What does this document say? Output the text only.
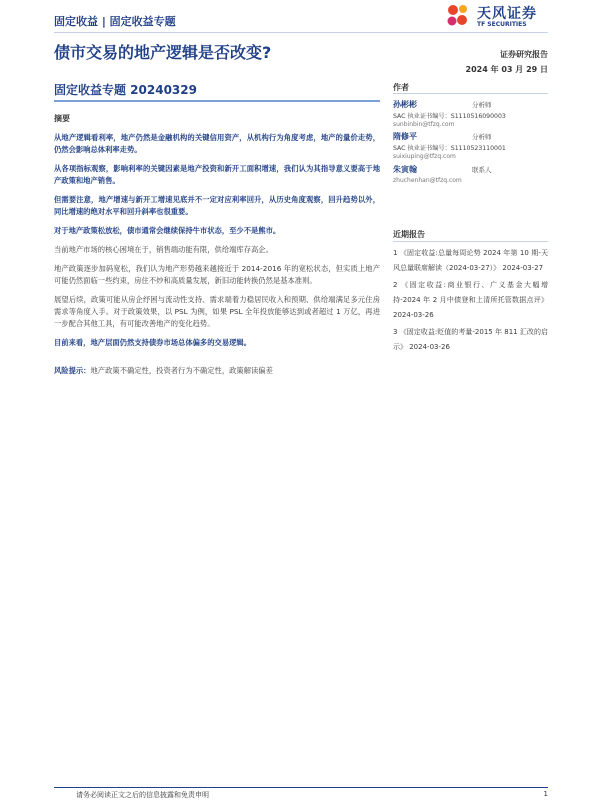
固定收益 | 固定收益专题	天风证券
TF SECURITIES
债市交易的地产逻辑是否改变?	证券研究报告
2024 年 03 月 29 日
固定收益专题 20240329
摘要

从地产逻辑看利率，地产仍然是金融机构的关键信用资产，从机构行为角度考虑，地产的量价走势，仍然会影响总体利率走势。

从各项指标观察，影响利率的关键因素是地产投资和新开工面积增速，我们认为其指导意义要高于地产政策和地产销售。

但需要注意，地产增速与新开工增速见底并不一定对应利率回升，从历史角度观察，回升趋势以外，同比增速的绝对水平和回升斜率也很重要。

对于地产政策松放松，债市通常会继续保持牛市状态，至少不是熊市。

当前地产市场的核心困境在于，销售端动能有限，供给端库存高企。

地产政策逐步加码宽松，我们认为地产形势越来越接近于 2014-2016 年的宽松状态，但实质上地产可能仍然面临一些约束，房住不炒和高质量发展，新旧动能转换仍然是基本准则。

展望后续，政策可能从房企纾困与流动性支持、需求端着力稳居民收入和预期、供给端满足多元住房需求等角度入手。对于政策效果，以 PSL 为例，如果 PSL 全年投放能够达到或者超过 1 万亿，再进一步配合其他工具，有可能改善地产的变化趋势。

目前来看，地产层面仍然支持债券市场总体偏多的交易逻辑。

风险提示：地产政策不确定性，投资者行为不确定性，政策解读偏差
作者
孙彬彬	分析师
SAC 执业证书编号：S1110516090003
sunbinbin@tfzq.com
隋修平	分析师
SAC 执业证书编号：S1110523110001
suixiuping@tfzq.com
朱寅翰	联系人
zhuchenhan@tfzq.com
近期报告
1 《固定收益:总量每周论势 2024 年第 10 期-天风总量联席解读（2024-03-27）》 2024-03-27
2 《固定收益:商业银行、广义基金大幅增持-2024 年 2 月中债登和上清所托管数据点评》 2024-03-26
3 《固定收益:贬值的考量-2015 年 811 汇改的启示》 2024-03-26
请务必阅读正文之后的信息披露和免责申明	1
